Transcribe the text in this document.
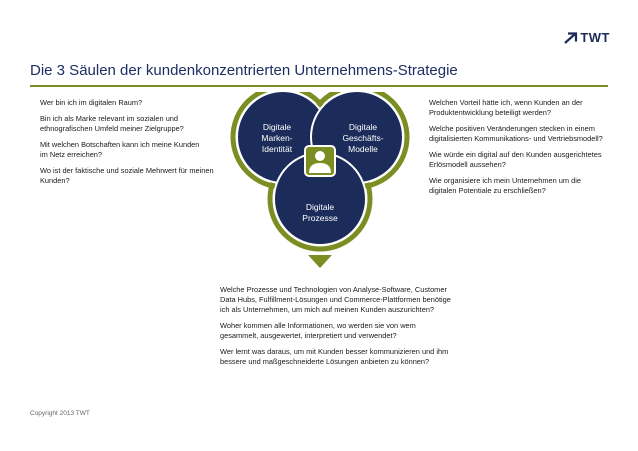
TWT
Die 3 Säulen der kundenkonzentrierten Unternehmens-Strategie

Wer bin ich im digitalen Raum?

Bin ich als Marke relevant im sozialen und ethnografischen Umfeld meiner Zielgruppe?

Mit welchen Botschaften kann ich meine Kunden
im Netz erreichen?

Wo ist der faktische und soziale Mehrwert für meinen Kunden?

Welchen Vorteil hätte ich, wenn Kunden an der Produktentwicklung beteiligt werden?

Welche positiven Veränderungen stecken in einem digitalisierten Kommunikations- und Vertriebsmodell?

Wie würde ein digital auf den Kunden ausgerichtetes Erlösmodell aussehen?

Wie organisiere ich mein Unternehmen um die digitalen Potentiale zu erschließen?

Welche Prozesse und Technologien von Analyse-Software, Customer Data Hubs, Fulfillment-Lösungen und Commerce-Plattformen benötige ich als Unternehmen, um mich auf meinen Kunden auszurichten?

Woher kommen alle Informationen, wo werden sie von wem
gesammelt, ausgewertet, interpretiert und verwendet?

Wer lernt was daraus, um mit Kunden besser kommunizieren und ihm bessere und maßgeschneiderte Lösungen anbieten zu können?

Digitale
Marken-
Identität
Digitale
Geschäfts-
Modelle
Digitale
Prozesse
Copyright 2013 TWT
